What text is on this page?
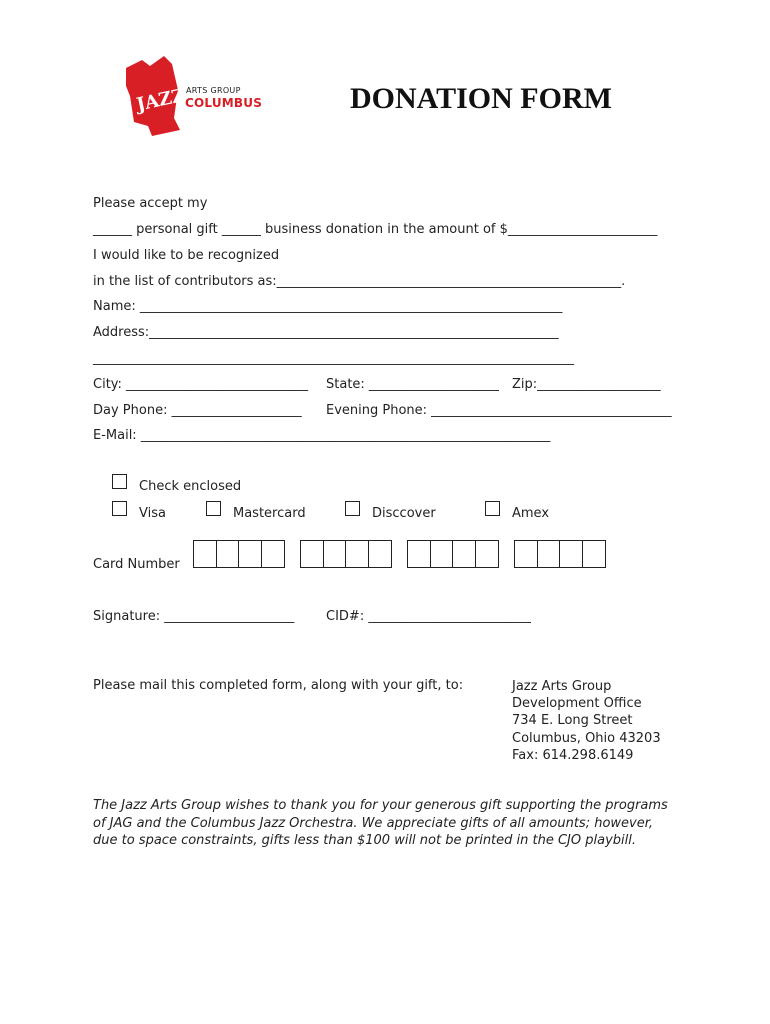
JAZZ ARTS GROUP
COLUMBUS	DONATION FORM
Please accept my
______ personal gift ______ business donation in the amount of $_______________________
I would like to be recognized
in the list of contributors as:_____________________________________________________.
Name: _________________________________________________________________
Address:_______________________________________________________________
__________________________________________________________________________
City: ____________________________ State: ____________________ Zip:___________________
Day Phone: ____________________ Evening Phone: _____________________________________
E-Mail: _______________________________________________________________
Check enclosed
Visa	Mastercard	Disccover	Amex
Card Number
Signature: ____________________ CID#: _________________________
Please mail this completed form, along with your gift, to:	Jazz Arts Group
Development Office
734 E. Long Street
Columbus, Ohio 43203
Fax: 614.298.6149
The Jazz Arts Group wishes to thank you for your generous gift supporting the programs
of JAG and the Columbus Jazz Orchestra. We appreciate gifts of all amounts; however,
due to space constraints, gifts less than $100 will not be printed in the CJO playbill.
